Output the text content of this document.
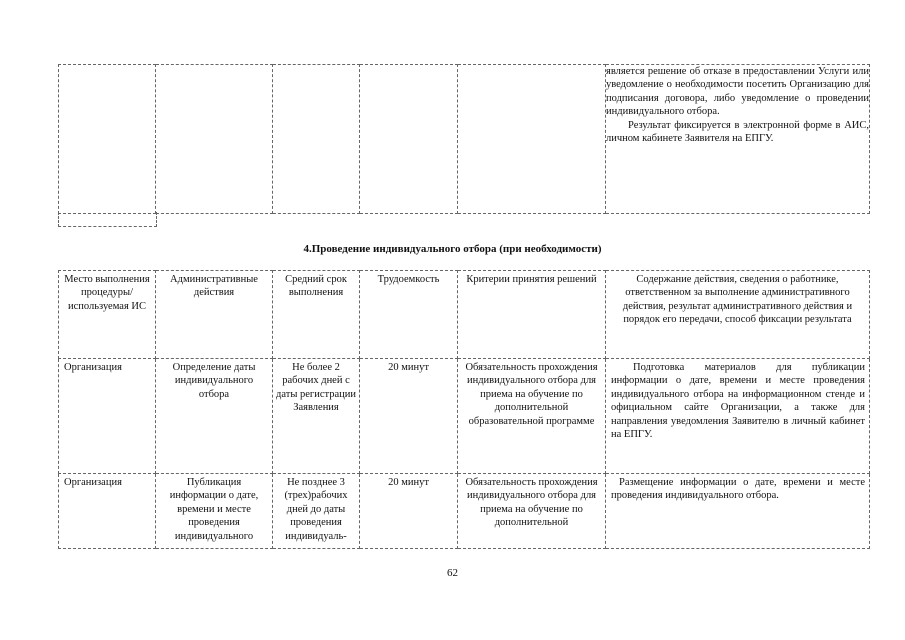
является решение об отказе в предоставлении Услуги или уведомление о необходимости посетить Организацию для подписания договора, либо уведомление о проведении индивидуального отбора.

Результат фиксируется в электронной форме в АИС, личном кабинете Заявителя на ЕПГУ.

4.Проведение индивидуального отбора (при необходимости)
Место выполнения процедуры/ используемая ИС	Административные действия	Средний срок выполнения	Трудоемкость	Критерии принятия решений	Содержание действия, сведения о работнике, ответственном за выполнение административного действия, результат административного действия и порядок его передачи, способ фиксации результата
Организация	Определение даты индивидуального отбора	Не более 2 рабочих дней с даты регистрации Заявления	20 минут	Обязательность прохождения индивидуального отбора для приема на обучение по дополнительной образовательной программе	Подготовка материалов для публикации информации о дате, времени и месте проведения индивидуального отбора на информационном стенде и официальном сайте Организации, а также для направления уведомления Заявителю в личный кабинет на ЕПГУ.

Организация	Публикация информации о дате, времени и месте проведения индивидуального	Не позднее 3 (трех)рабочих дней до даты проведения индивидуаль-	20 минут	Обязательность прохождения индивидуального отбора для приема на обучение по дополнительной	Размещение информации о дате, времени и месте проведения индивидуального отбора.
62
